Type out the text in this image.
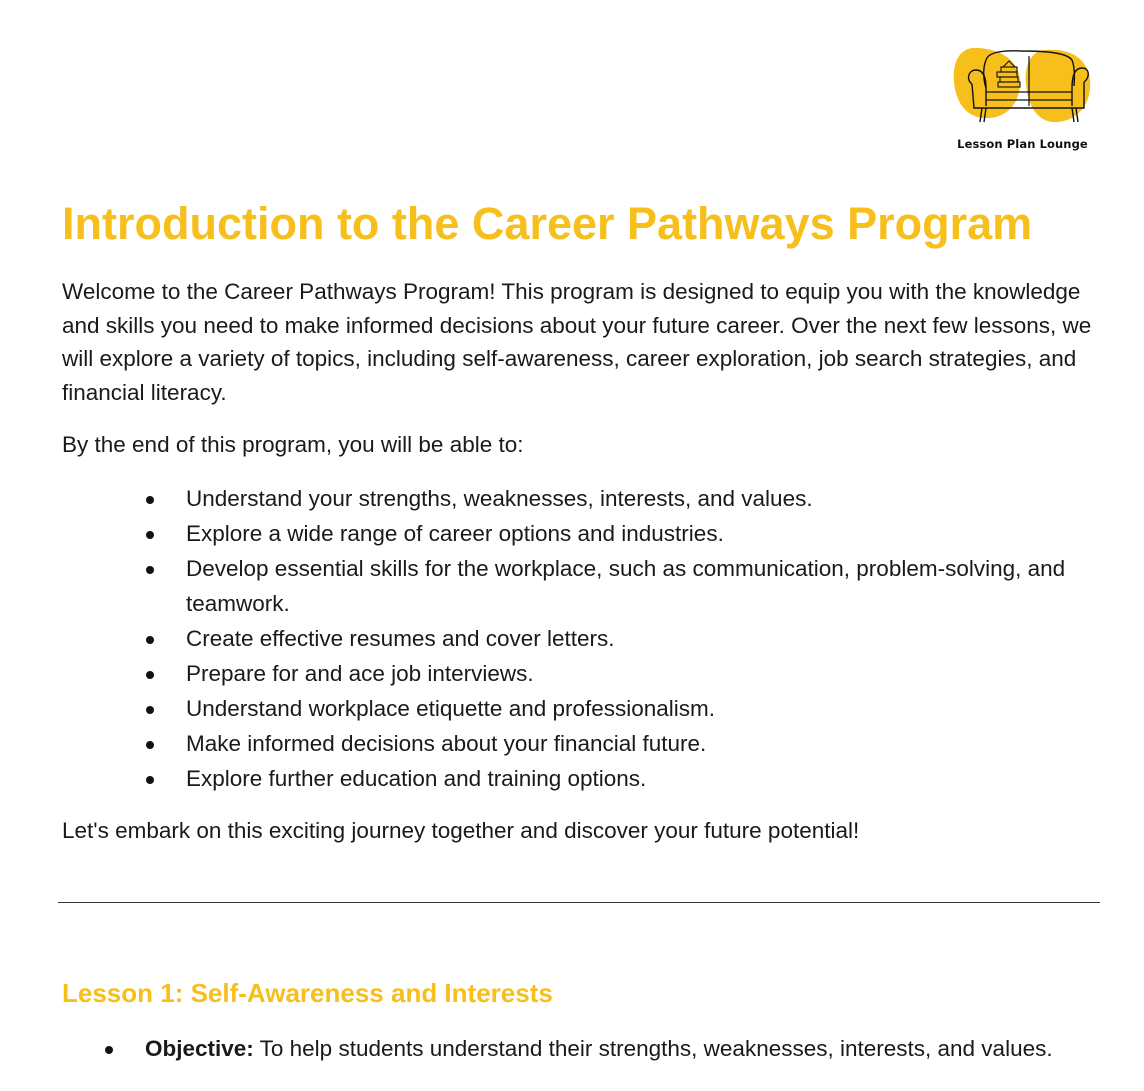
Lesson Plan Lounge
Introduction to the Career Pathways Program

Welcome to the Career Pathways Program! This program is designed to equip you with the knowledge and skills you need to make informed decisions about your future career. Over the next few lessons, we will explore a variety of topics, including self-awareness, career exploration, job search strategies, and financial literacy.

By the end of this program, you will be able to:

Understand your strengths, weaknesses, interests, and values.
Explore a wide range of career options and industries.
Develop essential skills for the workplace, such as communication, problem-solving, and teamwork.
Create effective resumes and cover letters.
Prepare for and ace job interviews.
Understand workplace etiquette and professionalism.
Make informed decisions about your financial future.
Explore further education and training options.

Let's embark on this exciting journey together and discover your future potential!

Lesson 1: Self-Awareness and Interests
Objective: To help students understand their strengths, weaknesses, interests, and values.
